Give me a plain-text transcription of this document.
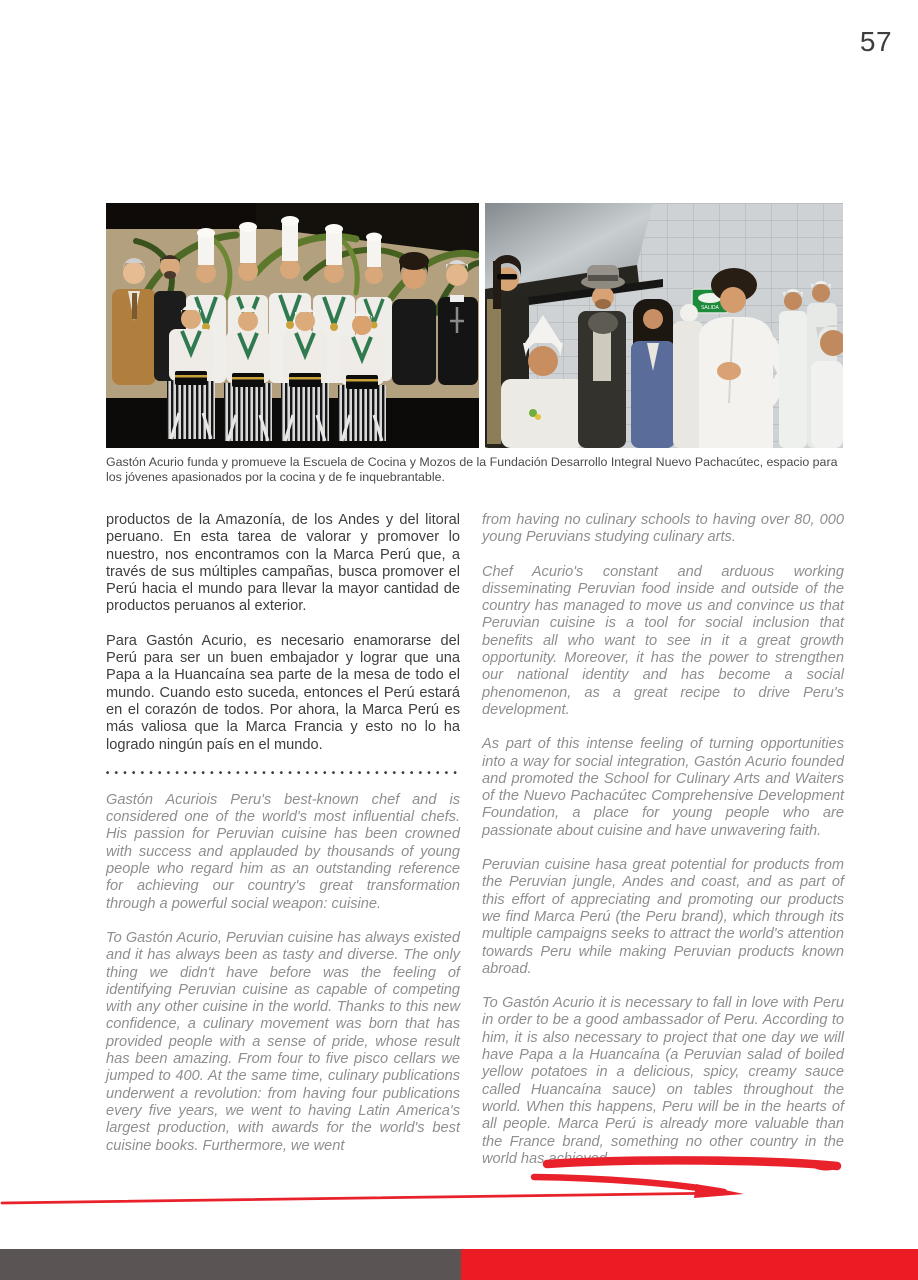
57
SALIDA

Gastón Acurio funda y promueve la Escuela de Cocina y Mozos de la Fundación Desarrollo Integral Nuevo Pachacútec, espacio para los jóvenes apasionados por la cocina y de fe inquebrantable.

productos de la Amazonía, de los Andes y del litoral peruano. En esta tarea de valorar y promover lo nuestro, nos encontramos con la Marca Perú que, a través de sus múltiples campañas, busca promover el Perú hacia el mundo para llevar la mayor cantidad de productos peruanos al exterior.

Para Gastón Acurio, es necesario enamorarse del Perú para ser un buen embajador y lograr que una Papa a la Huancaína sea parte de la mesa de todo el mundo. Cuando esto suceda, entonces el Perú estará en el corazón de todos. Por ahora, la Marca Perú es más valiosa que la Marca Francia y esto no lo ha logrado ningún país en el mundo.

Gastón Acuriois Peru's best-known chef and is considered one of the world's most influential chefs. His passion for Peruvian cuisine has been crowned with success and applauded by thousands of young people who regard him as an outstanding reference for achieving our country's great transformation through a powerful social weapon: cuisine.

To Gastón Acurio, Peruvian cuisine has always existed and it has always been as tasty and diverse. The only thing we didn't have before was the feeling of identifying Peruvian cuisine as capable of competing with any other cuisine in the world. Thanks to this new confidence, a culinary movement was born that has provided people with a sense of pride, whose result has been amazing. From four to five pisco cellars we jumped to 400. At the same time, culinary publications underwent a revolution: from having four publications every five years, we went to having Latin America's largest production, with awards for the world's best cuisine books. Furthermore, we went

from having no culinary schools to having over 80, 000 young Peruvians studying culinary arts.

Chef Acurio's constant and arduous working disseminating Peruvian food inside and outside of the country has managed to move us and convince us that Peruvian cuisine is a tool for social inclusion that benefits all who want to see in it a great growth opportunity. Moreover, it has the power to strengthen our national identity and has become a social phenomenon, as a great recipe to drive Peru's development.

As part of this intense feeling of turning opportunities into a way for social integration, Gastón Acurio founded and promoted the School for Culinary Arts and Waiters of the Nuevo Pachacútec Comprehensive Development Foundation, a place for young people who are passionate about cuisine and have unwavering faith.

Peruvian cuisine hasa great potential for products from the Peruvian jungle, Andes and coast, and as part of this effort of appreciating and promoting our products we find Marca Perú (the Peru brand), which through its multiple campaigns seeks to attract the world's attention towards Peru while making Peruvian products known abroad.

To Gastón Acurio it is necessary to fall in love with Peru in order to be a good ambassador of Peru. According to him, it is also necessary to project that one day we will have Papa a la Huancaína (a Peruvian salad of boiled yellow potatoes in a delicious, spicy, creamy sauce called Huancaína sauce) on tables throughout the world. When this happens, Peru will be in the hearts of all people. Marca Perú is already more valuable than the France brand, something no other country in the world has achieved.
